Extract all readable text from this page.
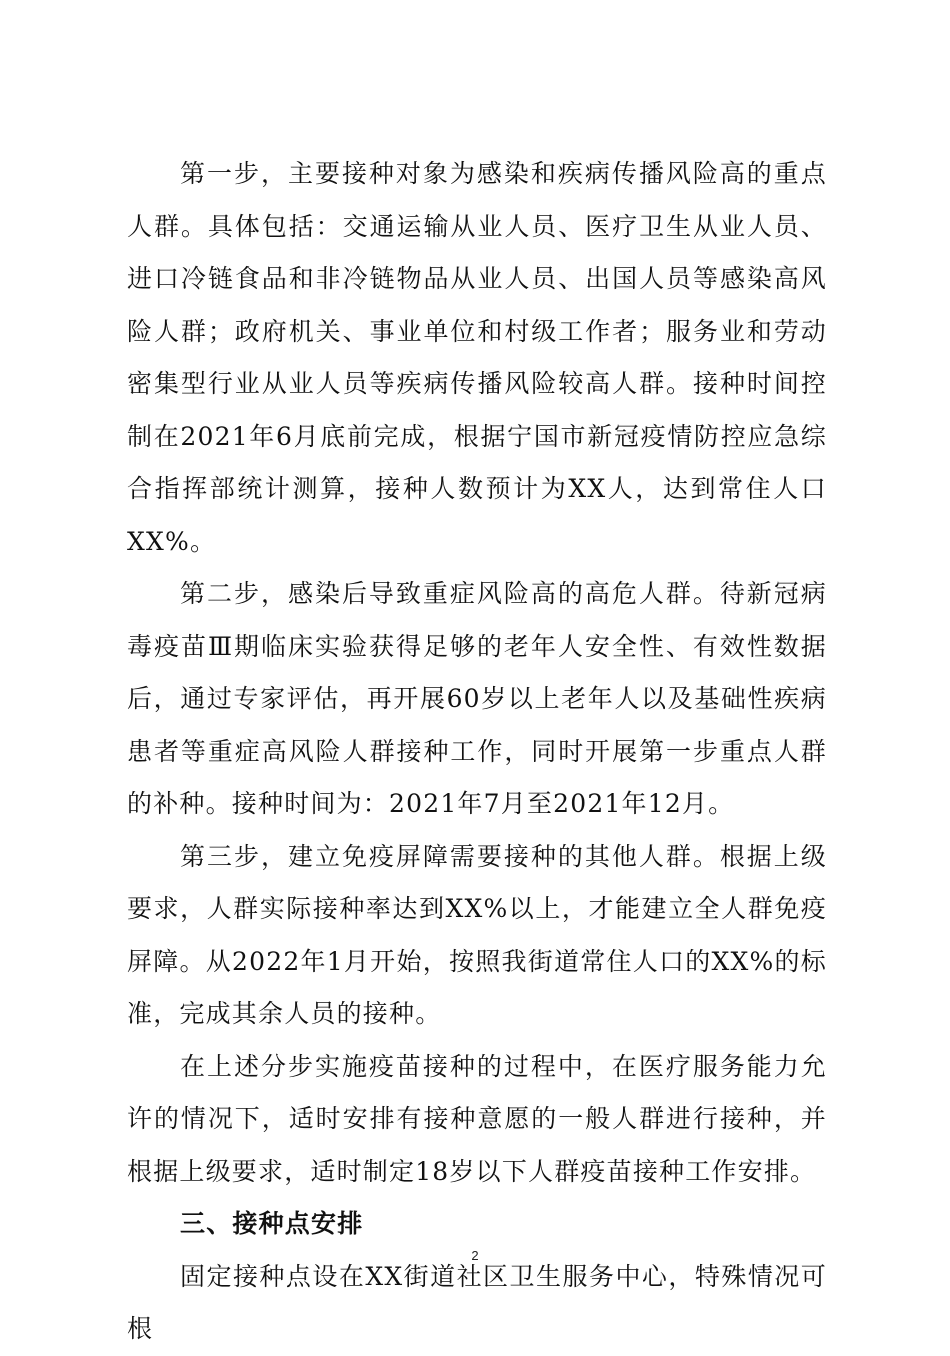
第一步，主要接种对象为感染和疾病传播风险高的重点人群。具体包括：交通运输从业人员、医疗卫生从业人员、进口冷链食品和非冷链物品从业人员、出国人员等感染高风险人群；政府机关、事业单位和村级工作者；服务业和劳动密集型行业从业人员等疾病传播风险较高人群。接种时间控制在2021年6月底前完成，根据宁国市新冠疫情防控应急综合指挥部统计测算，接种人数预计为XX人，达到常住人口XX%。

第二步，感染后导致重症风险高的高危人群。待新冠病毒疫苗Ⅲ期临床实验获得足够的老年人安全性、有效性数据后，通过专家评估，再开展60岁以上老年人以及基础性疾病患者等重症高风险人群接种工作，同时开展第一步重点人群的补种。接种时间为：2021年7月至2021年12月。

第三步，建立免疫屏障需要接种的其他人群。根据上级要求，人群实际接种率达到XX%以上，才能建立全人群免疫屏障。从2022年1月开始，按照我街道常住人口的XX%的标准，完成其余人员的接种。

在上述分步实施疫苗接种的过程中，在医疗服务能力允许的情况下，适时安排有接种意愿的一般人群进行接种，并根据上级要求，适时制定18岁以下人群疫苗接种工作安排。

三、接种点安排

固定接种点设在XX街道社区卫生服务中心，特殊情况可根

2
